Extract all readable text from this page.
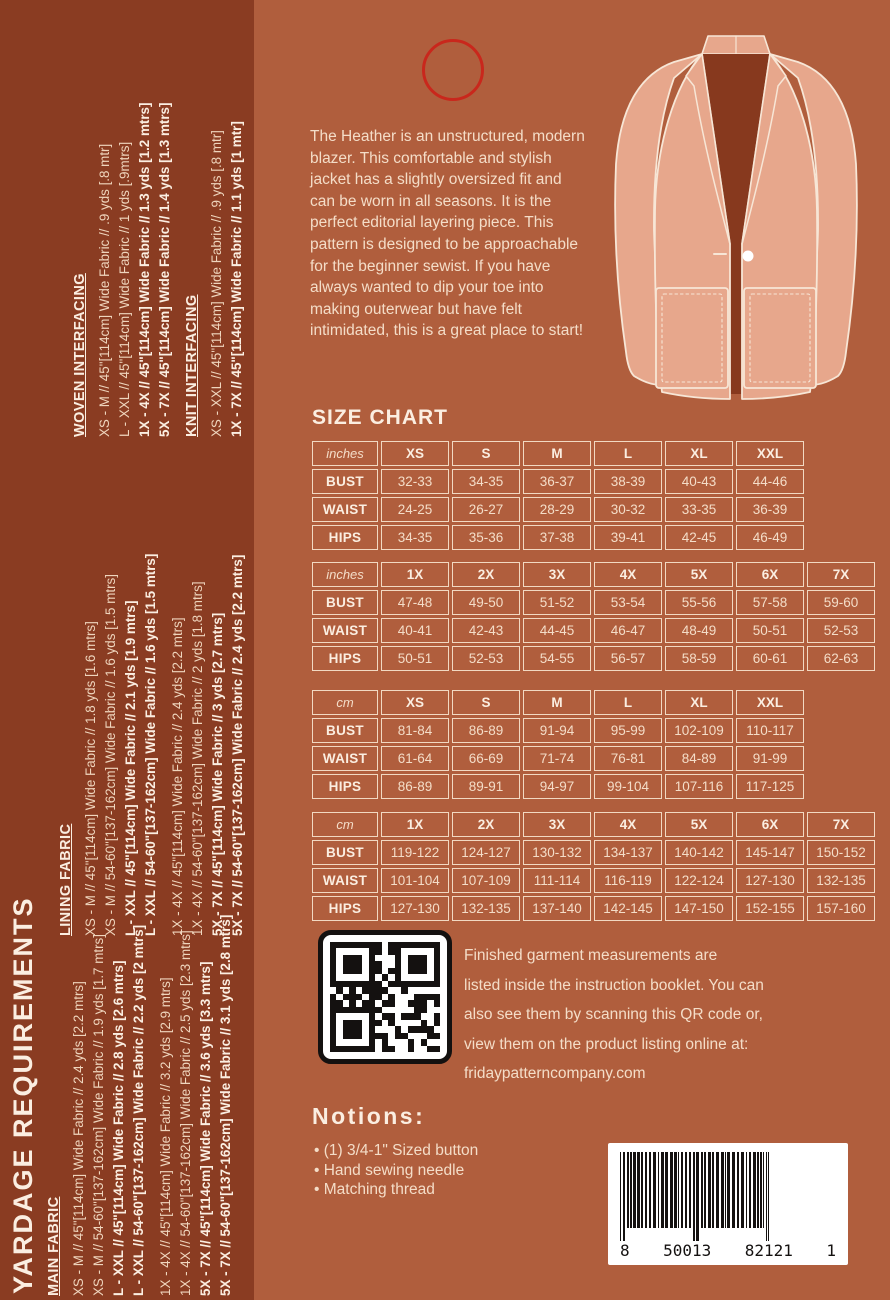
YARDAGE REQUIREMENTS MAIN FABRIC XS - M // 45"[114cm] Wide Fabric // 2.4 yds [2.2 mtrs] XS - M // 54-60"[137-162cm] Wide Fabric // 1.9 yds [1.7 mtrs] L - XXL // 45"[114cm] Wide Fabric // 2.8 yds [2.6 mtrs] L - XXL // 54-60"[137-162cm] Wide Fabric // 2.2 yds [2 mtrs] 1X - 4X // 45"[114cm] Wide Fabric // 3.2 yds [2.9 mtrs] 1X - 4X // 54-60"[137-162cm] Wide Fabric // 2.5 yds [2.3 mtrs] 5X - 7X // 45"[114cm] Wide Fabric // 3.6 yds [3.3 mtrs] 5X - 7X // 54-60"[137-162cm] Wide Fabric // 3.1 yds [2.8 mtrs]
LINING FABRIC XS - M // 45"[114cm] Wide Fabric // 1.8 yds [1.6 mtrs] XS - M // 54-60"[137-162cm] Wide Fabric // 1.6 yds [1.5 mtrs] L - XXL // 45"[114cm] Wide Fabric // 2.1 yds [1.9 mtrs] L - XXL // 54-60"[137-162cm] Wide Fabric // 1.6 yds [1.5 mtrs] 1X - 4X // 45"[114cm] Wide Fabric // 2.4 yds [2.2 mtrs] 1X - 4X // 54-60"[137-162cm] Wide Fabric // 2 yds [1.8 mtrs] 5X - 7X // 45"[114cm] Wide Fabric // 3 yds [2.7 mtrs] 5X - 7X // 54-60"[137-162cm] Wide Fabric // 2.4 yds [2.2 mtrs]
WOVEN INTERFACING XS - M // 45"[114cm] Wide Fabric // .9 yds [.8 mtr] L - XXL // 45"[114cm] Wide Fabric // 1 yds [.9mtrs] 1X - 4X // 45"[114cm] Wide Fabric // 1.3 yds [1.2 mtrs] 5X - 7X // 45"[114cm] Wide Fabric // 1.4 yds [1.3 mtrs] KNIT INTERFACING XS - XXL // 45"[114cm] Wide Fabric // .9 yds [.8 mtr] 1X - 7X // 45"[114cm] Wide Fabric // 1.1 yds [1 mtr]	The Heather is an unstructured, modern blazer. This comfortable and stylish jacket has a slightly oversized fit and can be worn in all seasons. It is the perfect editorial layering piece. This pattern is designed to be approachable for the beginner sewist. If you have always wanted to dip your toe into making outerwear but have felt intimidated, this is a great place to start!
SIZE CHART
inches	XS	S	M	L	XL	XXL
BUST	32-33	34-35	36-37	38-39	40-43	44-46
WAIST	24-25	26-27	28-29	30-32	33-35	36-39
HIPS	34-35	35-36	37-38	39-41	42-45	46-49
inches	1X	2X	3X	4X	5X	6X	7X
BUST	47-48	49-50	51-52	53-54	55-56	57-58	59-60
WAIST	40-41	42-43	44-45	46-47	48-49	50-51	52-53
HIPS	50-51	52-53	54-55	56-57	58-59	60-61	62-63
cm	XS	S	M	L	XL	XXL
BUST	81-84	86-89	91-94	95-99	102-109	110-117
WAIST	61-64	66-69	71-74	76-81	84-89	91-99
HIPS	86-89	89-91	94-97	99-104	107-116	117-125
cm	1X	2X	3X	4X	5X	6X	7X
BUST	119-122	124-127	130-132	134-137	140-142	145-147	150-152
WAIST	101-104	107-109	111-114	116-119	122-124	127-130	132-135
HIPS	127-130	132-135	137-140	142-145	147-150	152-155	157-160
Finished garment measurements are
listed inside the instruction booklet. You can
also see them by scanning this QR code or,
view them on the product listing online at:
fridaypatterncompany.com
Notions:
• (1) 3/4-1" Sized button
• Hand sewing needle
• Matching thread
8 50013 82121 1
